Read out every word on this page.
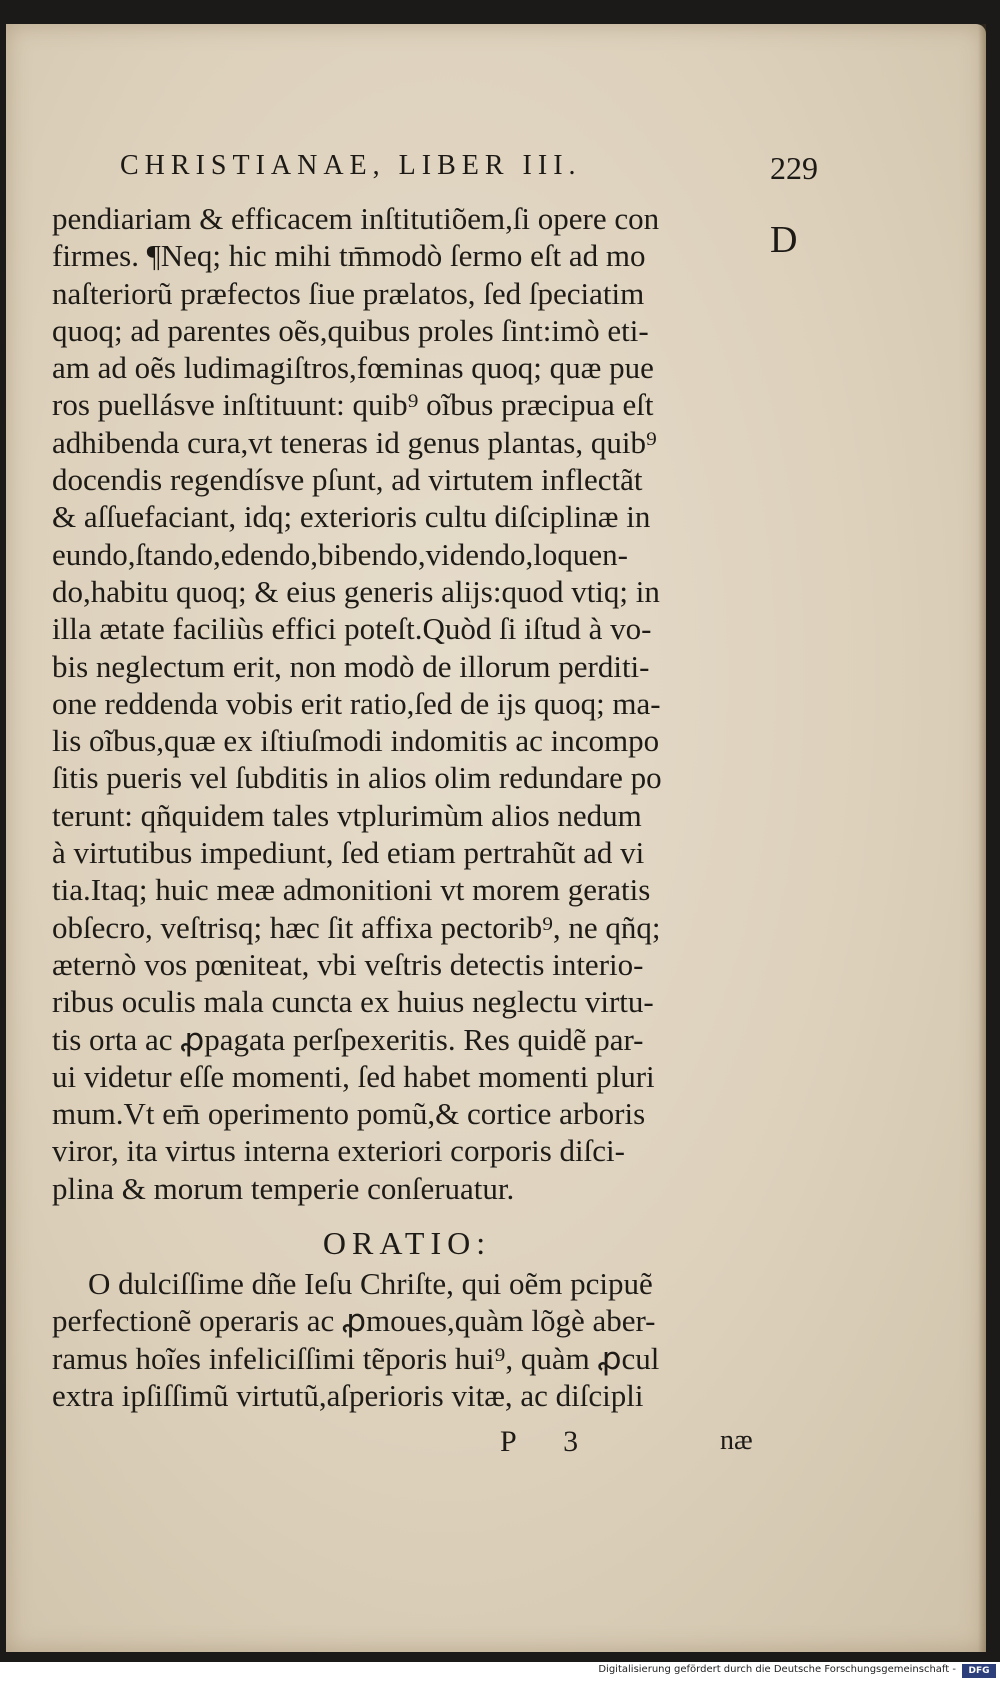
CHRISTIANAE, LIBER III.	229
D
pendiariam & efficacem inſtitutiõem,ſi opere con
firmes. ¶Neq; hic mihi tm̄modò ſermo eſt ad mo
naſteriorũ præfectos ſiue prælatos, ſed ſpeciatim
quoq; ad parentes oẽs,quibus proles ſint:imò eti-
am ad oẽs ludimagiſtros,fœminas quoq; quæ pue
ros puellásve inſtituunt: quib⁹ oĩbus præcipua eſt
adhibenda cura,vt teneras id genus plantas, quib⁹
docendis regendísve pſunt, ad virtutem inflectãt
& aſſuefaciant, idq; exterioris cultu diſciplinæ in
eundo,ſtando,edendo,bibendo,videndo,loquen-
do,habitu quoq; & eius generis alijs:quod vtiq; in
illa ætate faciliùs effici poteſt.Quòd ſi iſtud à vo-
bis neglectum erit, non modò de illorum perditi-
one reddenda vobis erit ratio,ſed de ijs quoq; ma-
lis oĩbus,quæ ex iſtiuſmodi indomitis ac incompo
ſitis pueris vel ſubditis in alios olim redundare po
terunt: qñquidem tales vtplurimùm alios nedum
à virtutibus impediunt, ſed etiam pertrahũt ad vi
tia.Itaq; huic meæ admonitioni vt morem geratis
obſecro, veſtrisq; hæc ſit affixa pectorib⁹, ne qñq;
æternò vos pœniteat, vbi veſtris detectis interio-
ribus oculis mala cuncta ex huius neglectu virtu-
tis orta ac ꝓpagata perſpexeritis. Res quidẽ par-
ui videtur eſſe momenti, ſed habet momenti pluri
mum.Vt em̄ operimento pomũ,& cortice arboris
viror, ita virtus interna exteriori corporis diſci-
plina & morum temperie conſeruatur.
ORATIO:
O dulciſſime dñe Ieſu Chriſte, qui oẽm pcipuẽ
perfectionẽ operaris ac ꝓmoues,quàm lõgè aber-
ramus hoĩes infeliciſſimi tẽporis hui⁹, quàm ꝓcul
extra ipſiſſimũ virtutũ,aſperioris vitæ, ac diſcipli
P 3	næ
Digitalisierung gefördert durch die Deutsche Forschungsgemeinschaft -	DFG
